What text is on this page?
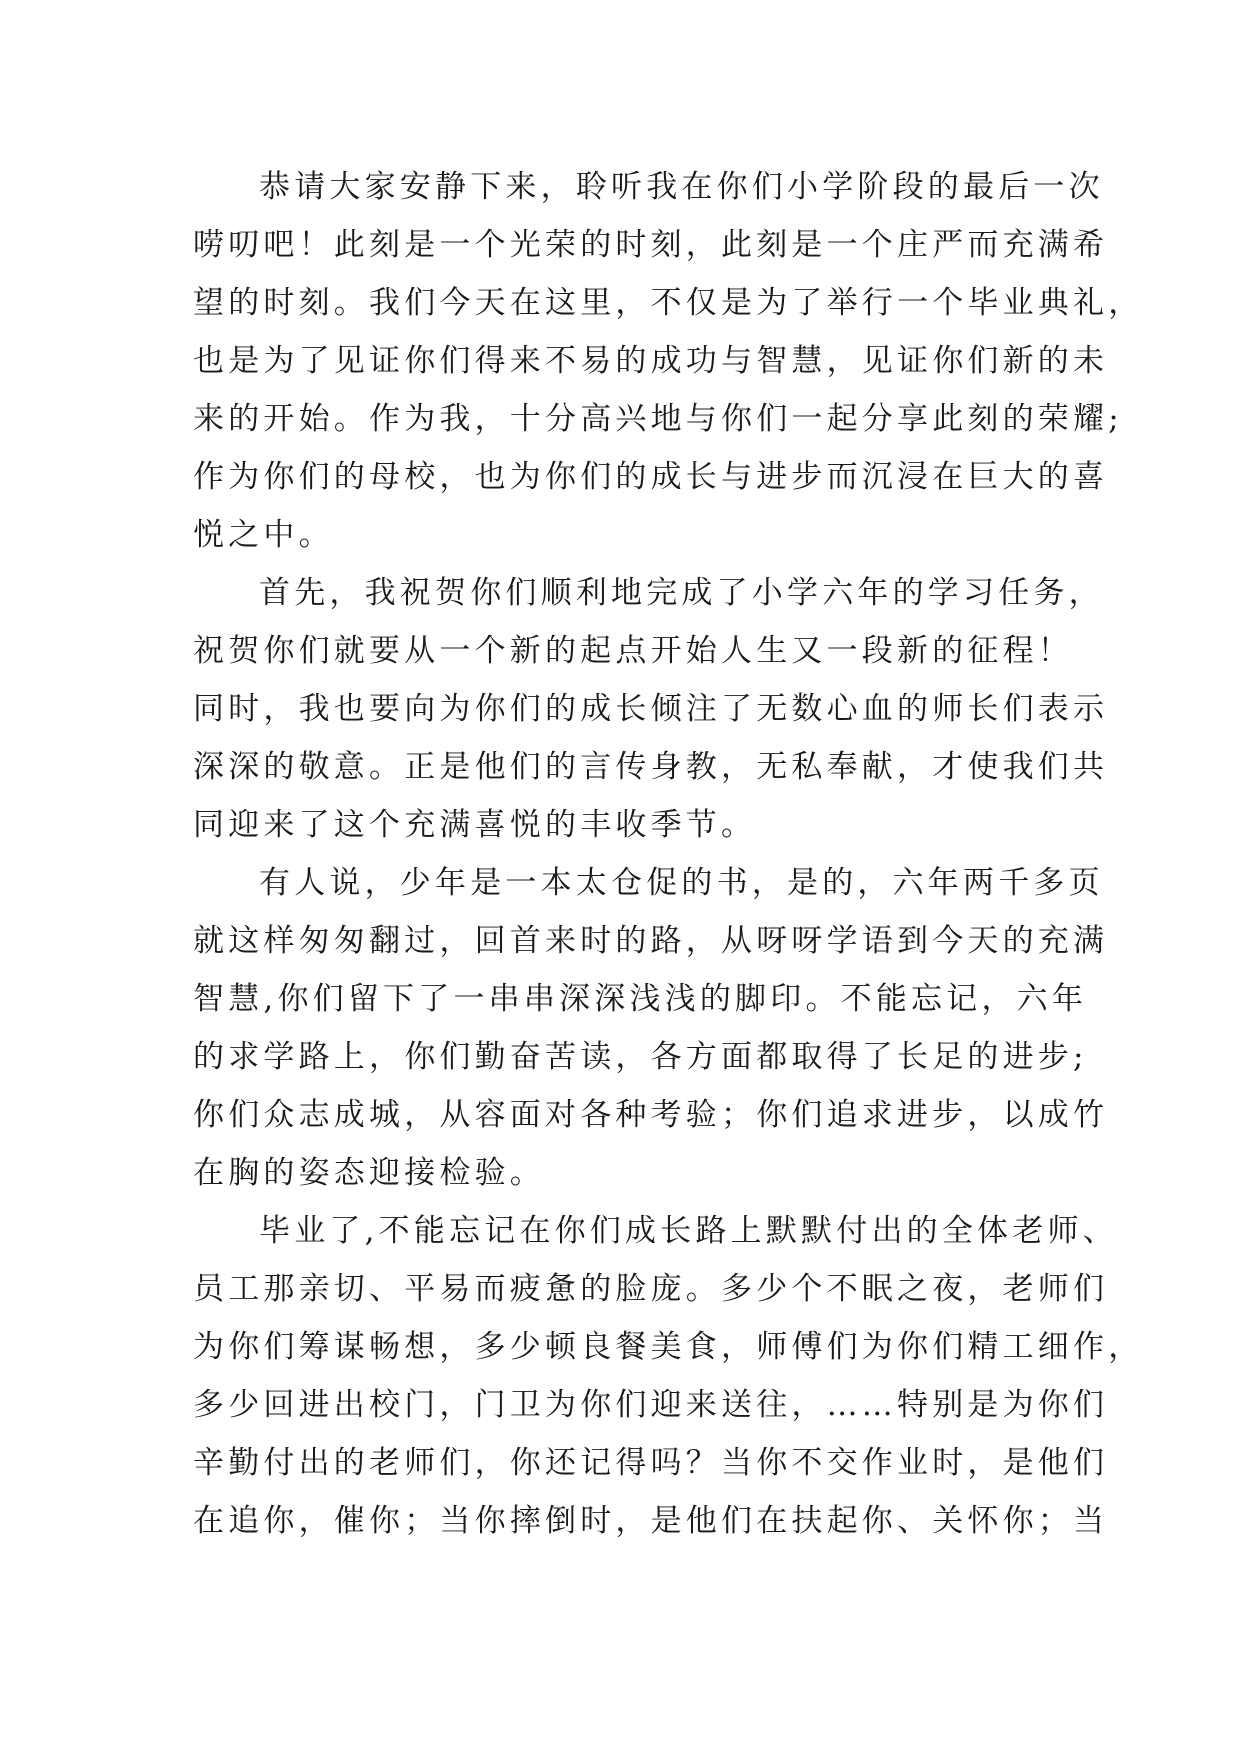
恭请大家安静下来，聆听我在你们小学阶段的最后一次
唠叨吧！此刻是一个光荣的时刻，此刻是一个庄严而充满希
望的时刻。我们今天在这里，不仅是为了举行一个毕业典礼，
也是为了见证你们得来不易的成功与智慧，见证你们新的未
来的开始。作为我，十分高兴地与你们一起分享此刻的荣耀;
作为你们的母校，也为你们的成长与进步而沉浸在巨大的喜
悦之中。
首先，我祝贺你们顺利地完成了小学六年的学习任务，
祝贺你们就要从一个新的起点开始人生又一段新的征程！
同时，我也要向为你们的成长倾注了无数心血的师长们表示
深深的敬意。正是他们的言传身教，无私奉献，才使我们共
同迎来了这个充满喜悦的丰收季节。
有人说，少年是一本太仓促的书，是的，六年两千多页
就这样匆匆翻过，回首来时的路，从呀呀学语到今天的充满
智慧,你们留下了一串串深深浅浅的脚印。不能忘记，六年
的求学路上，你们勤奋苦读，各方面都取得了长足的进步;
你们众志成城，从容面对各种考验；你们追求进步，以成竹
在胸的姿态迎接检验。
毕业了,不能忘记在你们成长路上默默付出的全体老师、
员工那亲切、平易而疲惫的脸庞。多少个不眠之夜，老师们
为你们筹谋畅想，多少顿良餐美食，师傅们为你们精工细作，
多少回进出校门，门卫为你们迎来送往，……特别是为你们
辛勤付出的老师们，你还记得吗？当你不交作业时，是他们
在追你，催你；当你摔倒时，是他们在扶起你、关怀你；当
